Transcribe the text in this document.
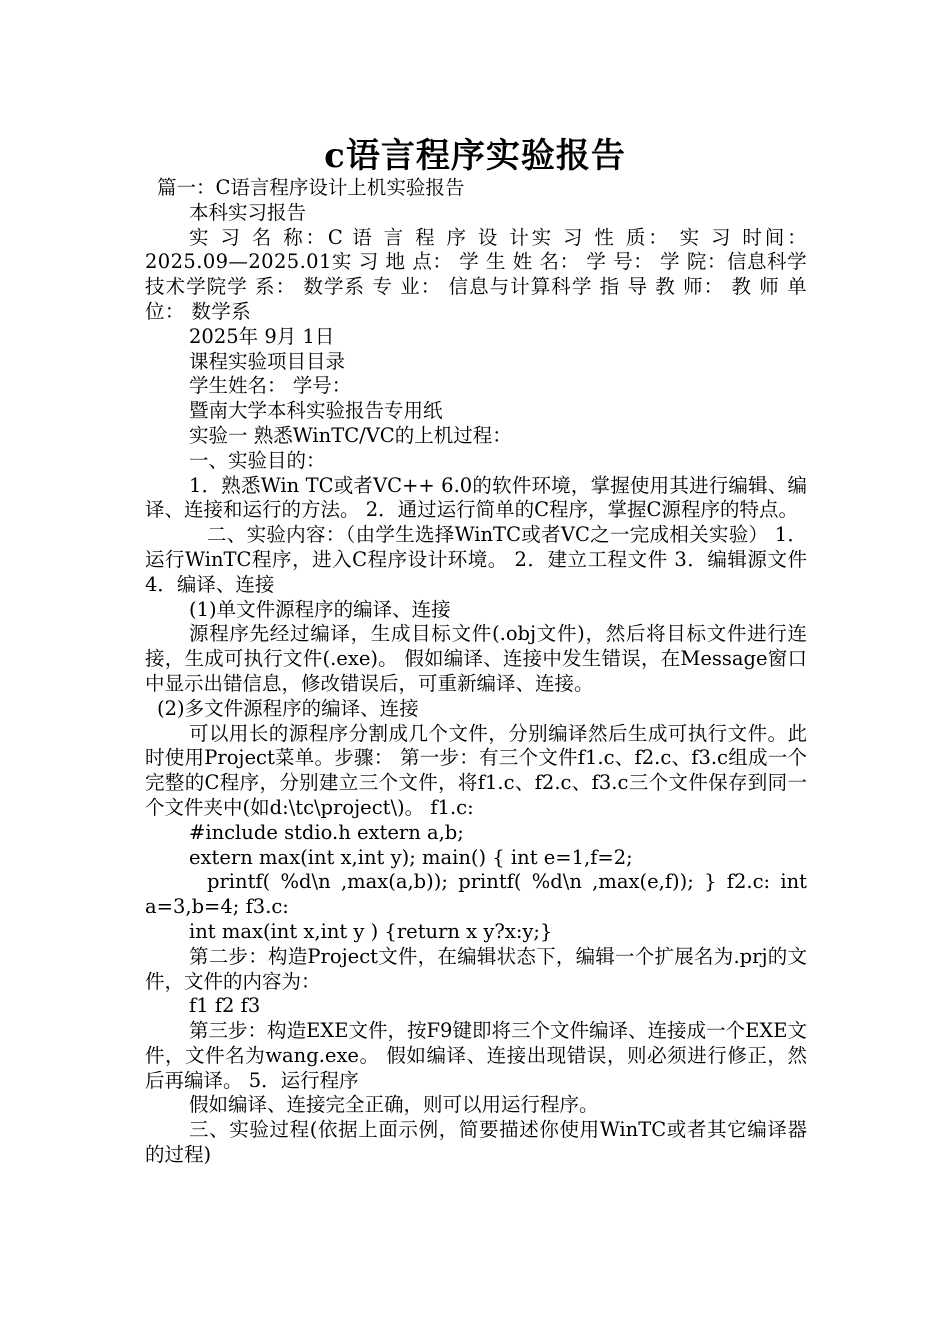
c语言程序实验报告

篇一：C语言程序设计上机实验报告

本科实习报告

实 习 名 称：C 语 言 程 序 设 计实 习 性 质： 实 习 时间： 2025.09—2025.01实 习 地 点： 学 生 姓 名： 学 号： 学 院：信息科学技术学院学 系： 数学系 专 业： 信息与计算科学 指 导 教 师： 教 师 单 位： 数学系

2025年 9月 1日

课程实验项目目录

学生姓名： 学号：

暨南大学本科实验报告专用纸

实验一 熟悉WinTC/VC的上机过程：

一、实验目的：

1．熟悉Win TC或者VC++ 6.0的软件环境，掌握使用其进行编辑、编译、连接和运行的方法。 2．通过运行简单的C程序，掌握C源程序的特点。

二、实验内容：（由学生选择WinTC或者VC之一完成相关实验） 1．运行WinTC程序，进入C程序设计环境。 2．建立工程文件 3．编辑源文件 4．编译、连接

(1)单文件源程序的编译、连接

源程序先经过编译，生成目标文件(.obj文件)，然后将目标文件进行连接，生成可执行文件(.exe)。 假如编译、连接中发生错误，在Message窗口中显示出错信息，修改错误后，可重新编译、连接。

(2)多文件源程序的编译、连接

可以用长的源程序分割成几个文件，分别编译然后生成可执行文件。此时使用Project菜单。步骤： 第一步：有三个文件f1.c、f2.c、f3.c组成一个完整的C程序，分别建立三个文件，将f1.c、f2.c、f3.c三个文件保存到同一个文件夹中(如d:\tc\project\)。 f1.c:

#include stdio.h extern a,b;

extern max(int x,int y); main() { int e=1,f=2;

printf( %d\n ,max(a,b)); printf( %d\n ,max(e,f)); } f2.c: int a=3,b=4; f3.c:

int max(int x,int y ) {return x y?x:y;}

第二步：构造Project文件，在编辑状态下，编辑一个扩展名为.prj的文件，文件的内容为：

f1 f2 f3

第三步：构造EXE文件，按F9键即将三个文件编译、连接成一个EXE文件，文件名为wang.exe。 假如编译、连接出现错误，则必须进行修正，然后再编译。 5．运行程序

假如编译、连接完全正确，则可以用运行程序。

三、实验过程(依据上面示例，简要描述你使用WinTC或者其它编译器的过程)
